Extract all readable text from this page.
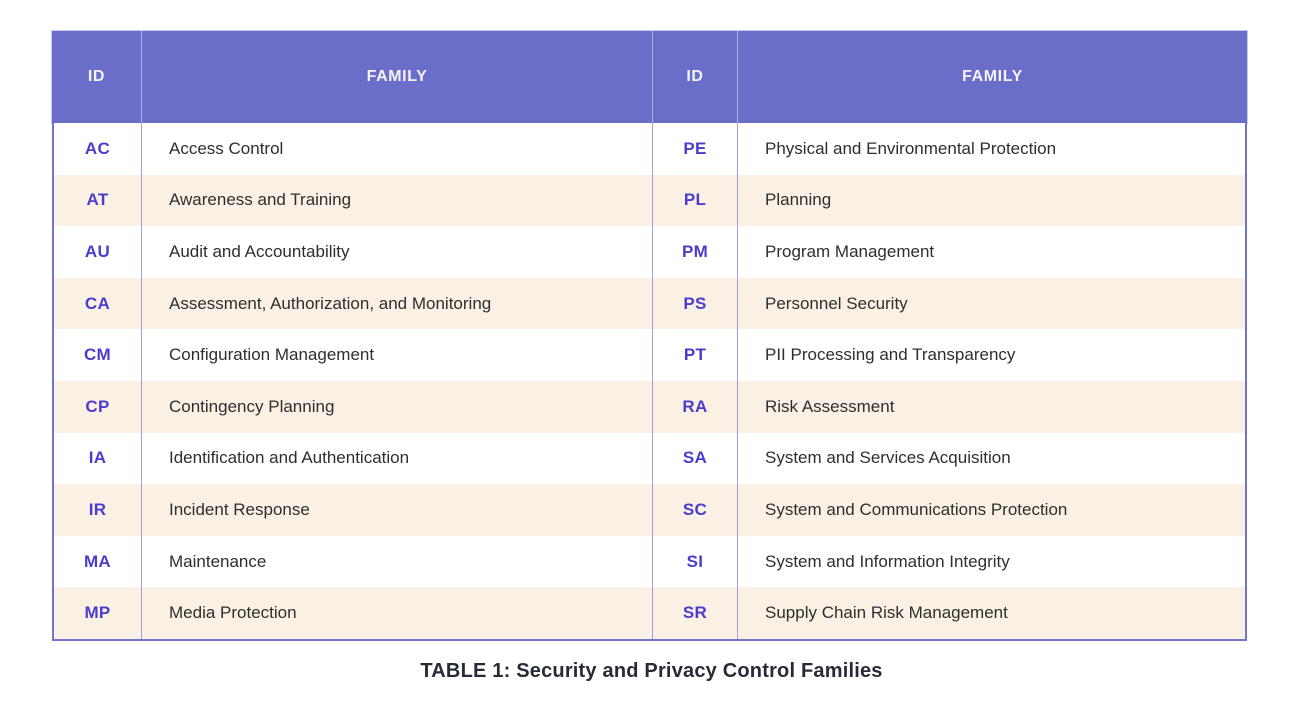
ID	FAMILY	ID	FAMILY
AC	Access Control	PE	Physical and Environmental Protection
AT	Awareness and Training	PL	Planning
AU	Audit and Accountability	PM	Program Management
CA	Assessment, Authorization, and Monitoring	PS	Personnel Security
CM	Configuration Management	PT	PII Processing and Transparency
CP	Contingency Planning	RA	Risk Assessment
IA	Identification and Authentication	SA	System and Services Acquisition
IR	Incident Response	SC	System and Communications Protection
MA	Maintenance	SI	System and Information Integrity
MP	Media Protection	SR	Supply Chain Risk Management
TABLE 1: Security and Privacy Control Families
